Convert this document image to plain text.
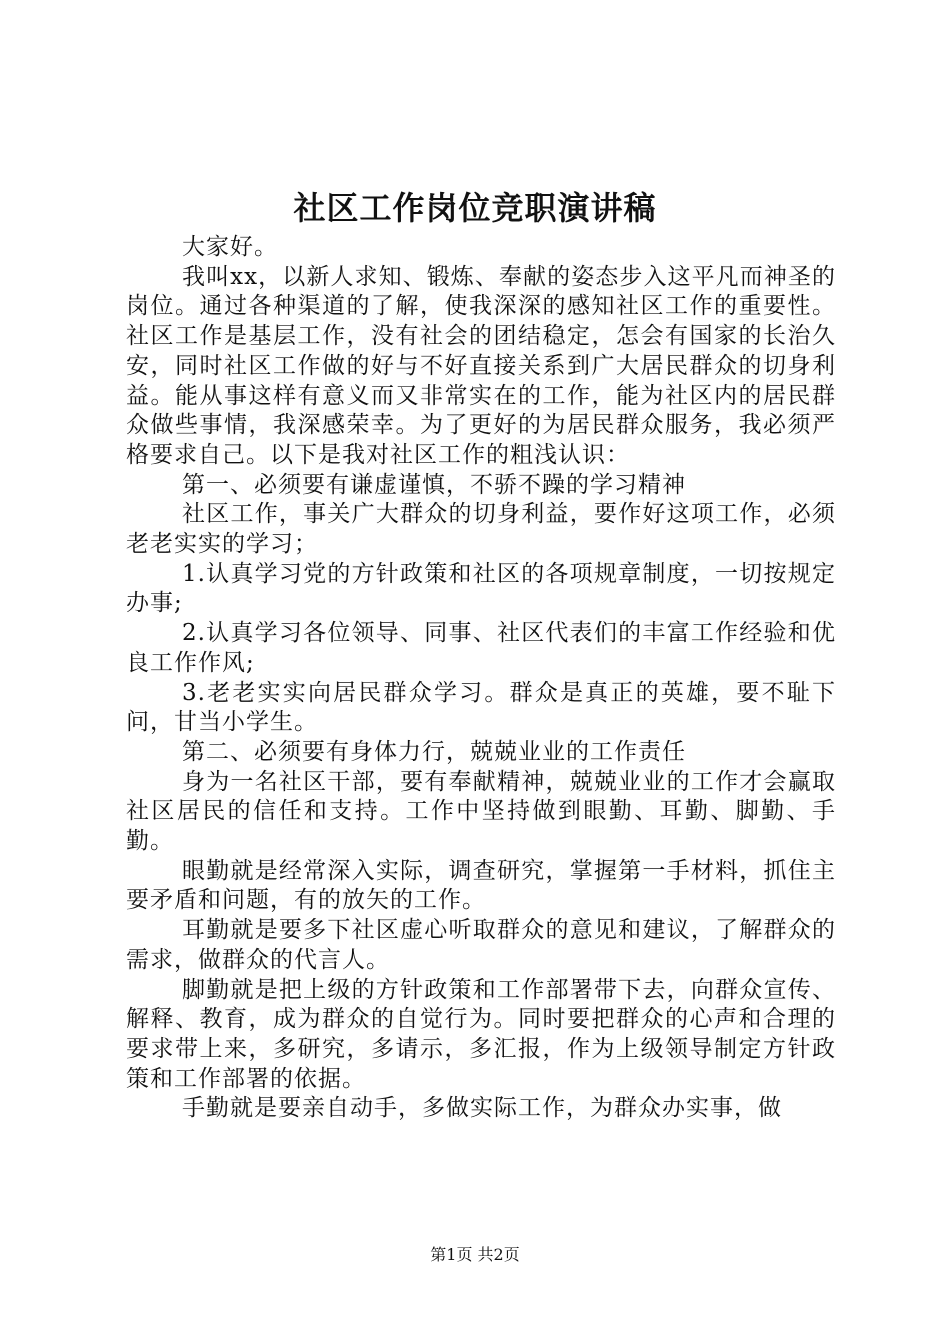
社区工作岗位竞职演讲稿

大家好。

我叫xx，以新人求知、锻炼、奉献的姿态步入这平凡而神圣的岗位。通过各种渠道的了解，使我深深的感知社区工作的重要性。社区工作是基层工作，没有社会的团结稳定，怎会有国家的长治久安，同时社区工作做的好与不好直接关系到广大居民群众的切身利益。能从事这样有意义而又非常实在的工作，能为社区内的居民群众做些事情，我深感荣幸。为了更好的为居民群众服务，我必须严格要求自己。以下是我对社区工作的粗浅认识：

第一、必须要有谦虚谨慎，不骄不躁的学习精神

社区工作，事关广大群众的切身利益，要作好这项工作，必须老老实实的学习；

1.认真学习党的方针政策和社区的各项规章制度，一切按规定办事;

2.认真学习各位领导、同事、社区代表们的丰富工作经验和优良工作作风;

3.老老实实向居民群众学习。群众是真正的英雄，要不耻下问，甘当小学生。

第二、必须要有身体力行，兢兢业业的工作责任

身为一名社区干部，要有奉献精神，兢兢业业的工作才会赢取社区居民的信任和支持。工作中坚持做到眼勤、耳勤、脚勤、手勤。

眼勤就是经常深入实际，调查研究，掌握第一手材料，抓住主要矛盾和问题，有的放矢的工作。

耳勤就是要多下社区虚心听取群众的意见和建议，了解群众的需求，做群众的代言人。

脚勤就是把上级的方针政策和工作部署带下去，向群众宣传、解释、教育，成为群众的自觉行为。同时要把群众的心声和合理的要求带上来，多研究，多请示，多汇报，作为上级领导制定方针政策和工作部署的依据。

手勤就是要亲自动手，多做实际工作，为群众办实事，做

第1页 共2页
